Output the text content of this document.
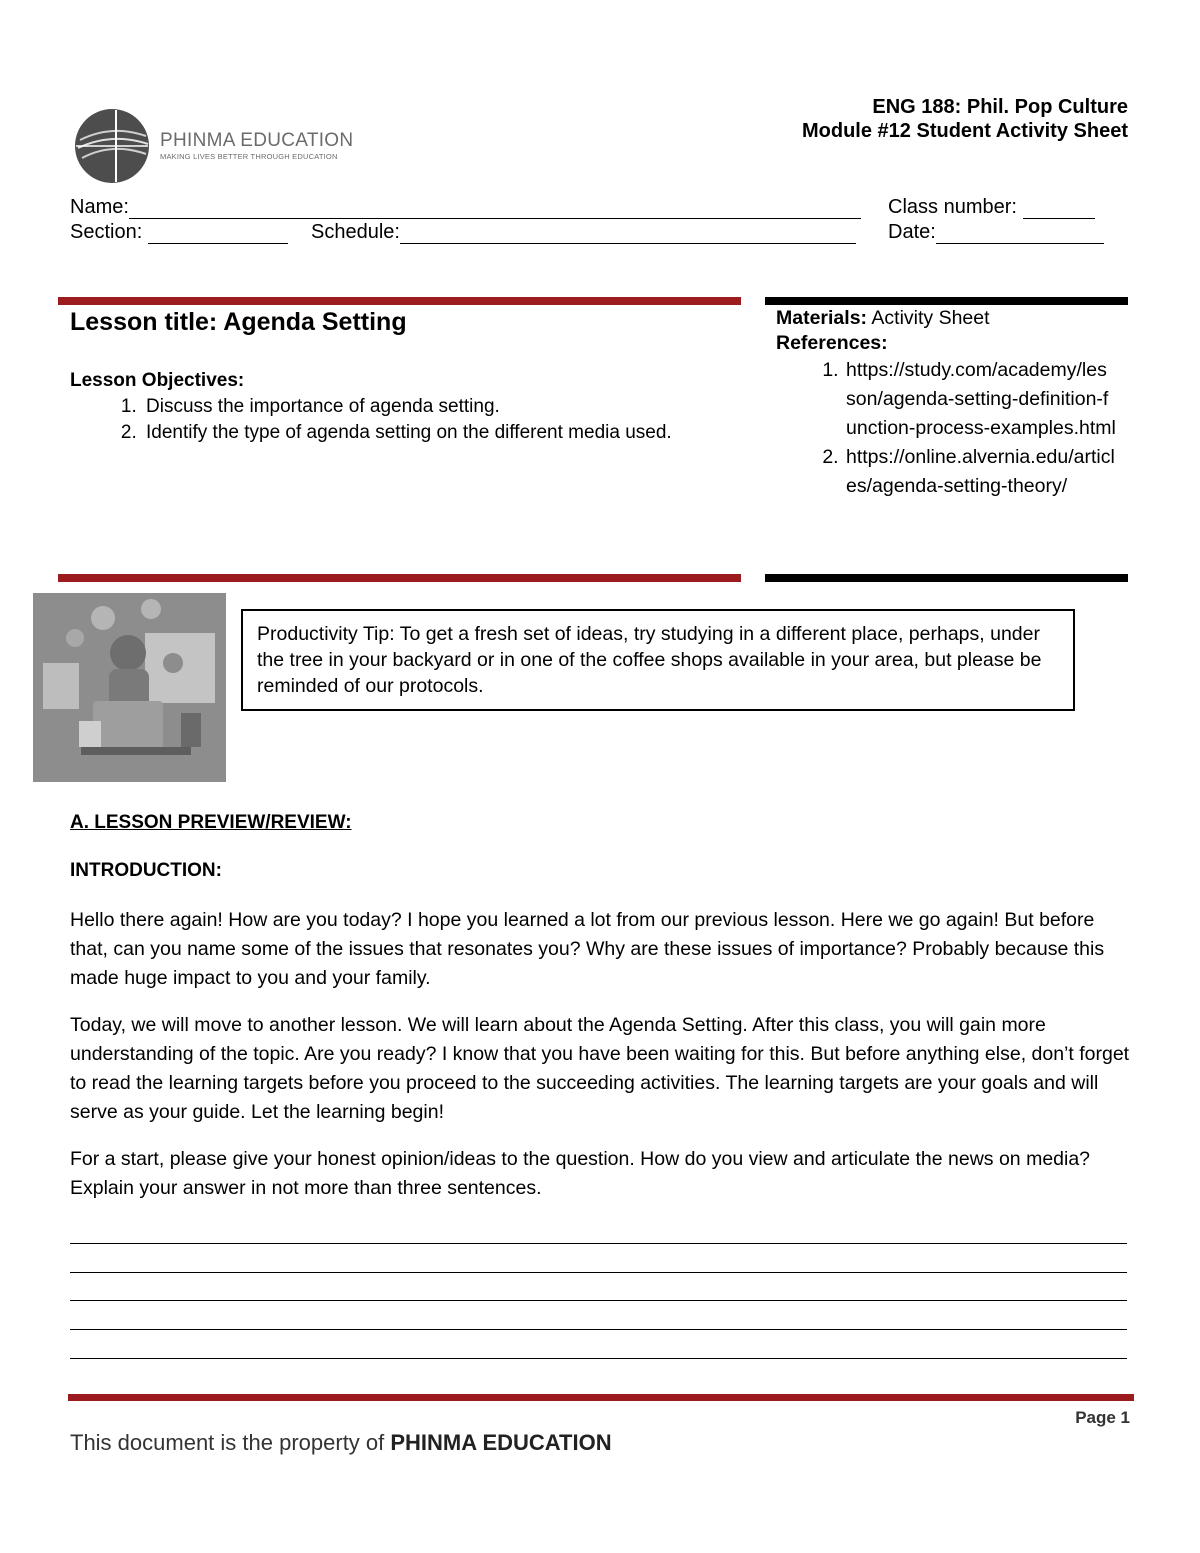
PHINMA EDUCATION
MAKING LIVES BETTER THROUGH EDUCATION
ENG 188: Phil. Pop Culture
Module #12 Student Activity Sheet
Name:	Class number:
Section:	Schedule:	Date:
Lesson title: Agenda Setting
Lesson Objectives:
1. Discuss the importance of agenda setting.
2. Identify the type of agenda setting on the different media used.
Materials: Activity Sheet
References:
1. https://study.com/academy/lesson/agenda-setting-definition-function-process-examples.html
2. https://online.alvernia.edu/articles/agenda-setting-theory/
Productivity Tip: To get a fresh set of ideas, try studying in a different place, perhaps, under the tree in your backyard or in one of the coffee shops available in your area, but please be reminded of our protocols.
A. LESSON PREVIEW/REVIEW:
INTRODUCTION:
Hello there again! How are you today? I hope you learned a lot from our previous lesson. Here we go again! But before that, can you name some of the issues that resonates you? Why are these issues of importance? Probably because this made huge impact to you and your family.
Today, we will move to another lesson. We will learn about the Agenda Setting. After this class, you will gain more understanding of the topic. Are you ready? I know that you have been waiting for this. But before anything else, don’t forget to read the learning targets before you proceed to the succeeding activities. The learning targets are your goals and will serve as your guide. Let the learning begin!
For a start, please give your honest opinion/ideas to the question. How do you view and articulate the news on media? Explain your answer in not more than three sentences.
Page 1
This document is the property of PHINMA EDUCATION
